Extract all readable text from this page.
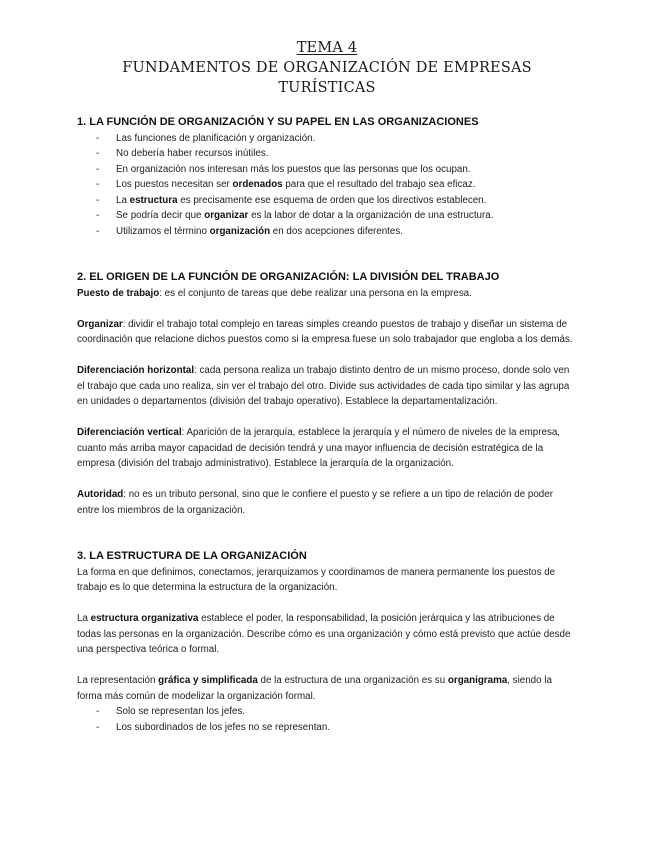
TEMA 4
FUNDAMENTOS DE ORGANIZACIÓN DE EMPRESAS TURÍSTICAS
1. LA FUNCIÓN DE ORGANIZACIÓN Y SU PAPEL EN LAS ORGANIZACIONES
- Las funciones de planificación y organización.
- No debería haber recursos inútiles.
- En organización nos interesan más los puestos que las personas que los ocupan.
- Los puestos necesitan ser ordenados para que el resultado del trabajo sea eficaz.
- La estructura es precisamente ese esquema de orden que los directivos establecen.
- Se podría decir que organizar es la labor de dotar a la organización de una estructura.
- Utilizamos el término organización en dos acepciones diferentes.
2. EL ORIGEN DE LA FUNCIÓN DE ORGANIZACIÓN: LA DIVISIÓN DEL TRABAJO

Puesto de trabajo: es el conjunto de tareas que debe realizar una persona en la empresa.

Organizar: dividir el trabajo total complejo en tareas simples creando puestos de trabajo y diseñar un sistema de coordinación que relacione dichos puestos como si la empresa fuese un solo trabajador que engloba a los demás.

Diferenciación horizontal: cada persona realiza un trabajo distinto dentro de un mismo proceso, donde solo ven el trabajo que cada uno realiza, sin ver el trabajo del otro. Divide sus actividades de cada tipo similar y las agrupa en unidades o departamentos (división del trabajo operativo). Establece la departamentalización.

Diferenciación vertical: Aparición de la jerarquía, establece la jerarquía y el número de niveles de la empresa, cuanto más arriba mayor capacidad de decisión tendrá y una mayor influencia de decisión estratégica de la empresa (división del trabajo administrativo). Establece la jerarquía de la organización.

Autoridad: no es un tributo personal, sino que le confiere el puesto y se refiere a un tipo de relación de poder entre los miembros de la organización.

3. LA ESTRUCTURA DE LA ORGANIZACIÓN

La forma en que definimos, conectamos, jerarquizamos y coordinamos de manera permanente los puestos de trabajo es lo que determina la estructura de la organización.

La estructura organizativa establece el poder, la responsabilidad, la posición jerárquica y las atribuciones de todas las personas en la organización. Describe cómo es una organización y cómo está previsto que actúe desde una perspectiva teórica o formal.

La representación gráfica y simplificada de la estructura de una organización es su organigrama, siendo la forma más común de modelizar la organización formal.

- Solo se representan los jefes.
- Los subordinados de los jefes no se representan.
